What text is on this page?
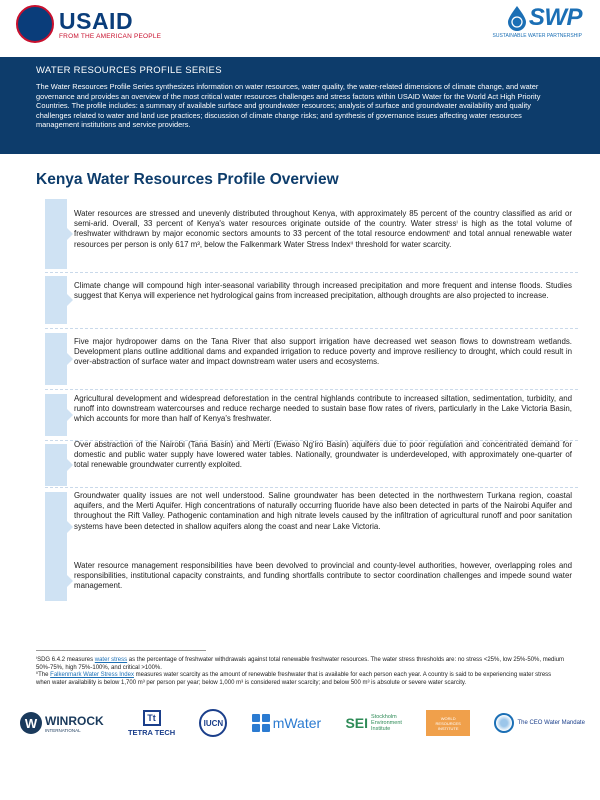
USAID
FROM THE AMERICAN PEOPLE
SWP
SUSTAINABLE WATER PARTNERSHIP
WATER RESOURCES PROFILE SERIES
The Water Resources Profile Series synthesizes information on water resources, water quality, the water-related dimensions of climate change, and water governance and provides an overview of the most critical water resources challenges and stress factors within USAID Water for the World Act High Priority Countries. The profile includes: a summary of available surface and groundwater resources; analysis of surface and groundwater availability and quality challenges related to water and land use practices; discussion of climate change risks; and synthesis of governance issues affecting water resources management institutions and service providers.
Kenya Water Resources Profile Overview
Water resources are stressed and unevenly distributed throughout Kenya, with approximately 85 percent of the country classified as arid or semi-arid. Overall, 33 percent of Kenya's water resources originate outside of the country. Water stressⁱ is high as the total volume of freshwater withdrawn by major economic sectors amounts to 33 percent of the total resource endowmentⁱ and total annual renewable water resources per person is only 617 m³, below the Falkenmark Water Stress Indexⁱⁱ threshold for water scarcity.
Climate change will compound high inter-seasonal variability through increased precipitation and more frequent and intense floods. Studies suggest that Kenya will experience net hydrological gains from increased precipitation, although droughts are also projected to increase.
Five major hydropower dams on the Tana River that also support irrigation have decreased wet season flows to downstream wetlands. Development plans outline additional dams and expanded irrigation to reduce poverty and improve resiliency to drought, which could result in over-abstraction of surface water and impact downstream water users and ecosystems.
Agricultural development and widespread deforestation in the central highlands contribute to increased siltation, sedimentation, turbidity, and runoff into downstream watercourses and reduce recharge needed to sustain base flow rates of rivers, particularly in the Lake Victoria Basin, which accounts for more than half of Kenya's freshwater.
Over abstraction of the Nairobi (Tana Basin) and Merti (Ewaso Ng'iro Basin) aquifers due to poor regulation and concentrated demand for domestic and public water supply have lowered water tables. Nationally, groundwater is underdeveloped, with approximately one-quarter of total renewable groundwater currently exploited.
Groundwater quality issues are not well understood. Saline groundwater has been detected in the northwestern Turkana region, coastal aquifers, and the Merti Aquifer. High concentrations of naturally occurring fluoride have also been detected in parts of the Nairobi Aquifer and throughout the Rift Valley. Pathogenic contamination and high nitrate levels caused by the infiltration of agricultural runoff and poor sanitation systems have been detected in shallow aquifers along the coast and near Lake Victoria.
Water resource management responsibilities have been devolved to provincial and county-level authorities, however, overlapping roles and responsibilities, institutional capacity constraints, and funding shortfalls contribute to sector coordination challenges and impede sound water management.

ⁱSDG 6.4.2 measures water stress as the percentage of freshwater withdrawals against total renewable freshwater resources. The water stress thresholds are: no stress <25%, low 25%-50%, medium 50%-75%, high 75%-100%, and critical >100%.

ⁱⁱThe Falkenmark Water Stress Index measures water scarcity as the amount of renewable freshwater that is available for each person each year. A country is said to be experiencing water stress when water availability is below 1,700 m³ per person per year; below 1,000 m³ is considered water scarcity; and below 500 m³ is absolute or severe water scarcity.

W WINROCK
INTERNATIONAL
Tt
TETRA TECH
IUCN	mWater SEI Stockholm
Environment
Institute
WORLD RESOURCES INSTITUTE
The CEO Water Mandate
